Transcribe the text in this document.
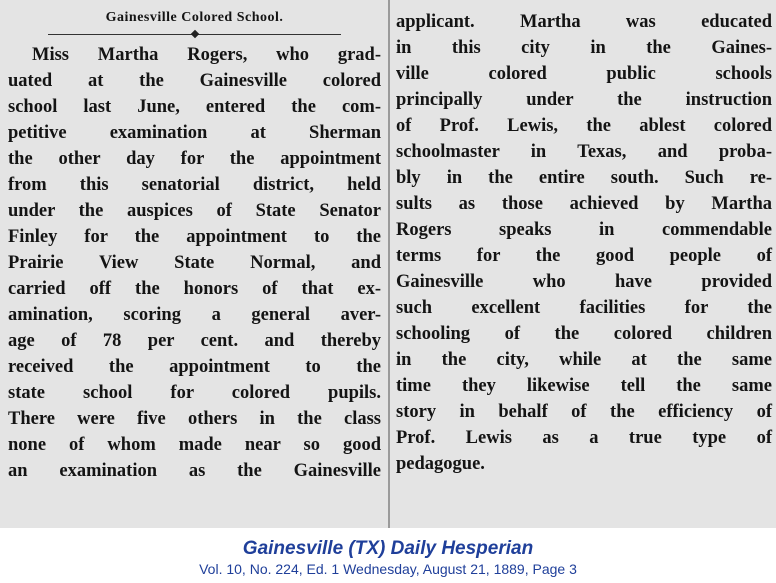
Gainesville Colored School.
Miss Martha Rogers, who grad-
uated at the Gainesville colored
school last June, entered the com-
petitive examination at Sherman
the other day for the appointment
from this senatorial district, held
under the auspices of State Senator
Finley for the appointment to the
Prairie View State Normal, and
carried off the honors of that ex-
amination, scoring a general aver-
age of 78 per cent. and thereby
received the appointment to the
state school for colored pupils.
There were five others in the class
none of whom made near so good
an examination as the Gainesville
applicant. Martha was educated
in this city in the Gaines-
ville colored public schools
principally under the instruction
of Prof. Lewis, the ablest colored
schoolmaster in Texas, and proba-
bly in the entire south. Such re-
sults as those achieved by Martha
Rogers speaks in commendable
terms for the good people of
Gainesville who have provided
such excellent facilities for the
schooling of the colored children
in the city, while at the same
time they likewise tell the same
story in behalf of the efficiency of
Prof. Lewis as a true type of
pedagogue.
Gainesville (TX) Daily Hesperian
Vol. 10, No. 224, Ed. 1 Wednesday, August 21, 1889, Page 3
